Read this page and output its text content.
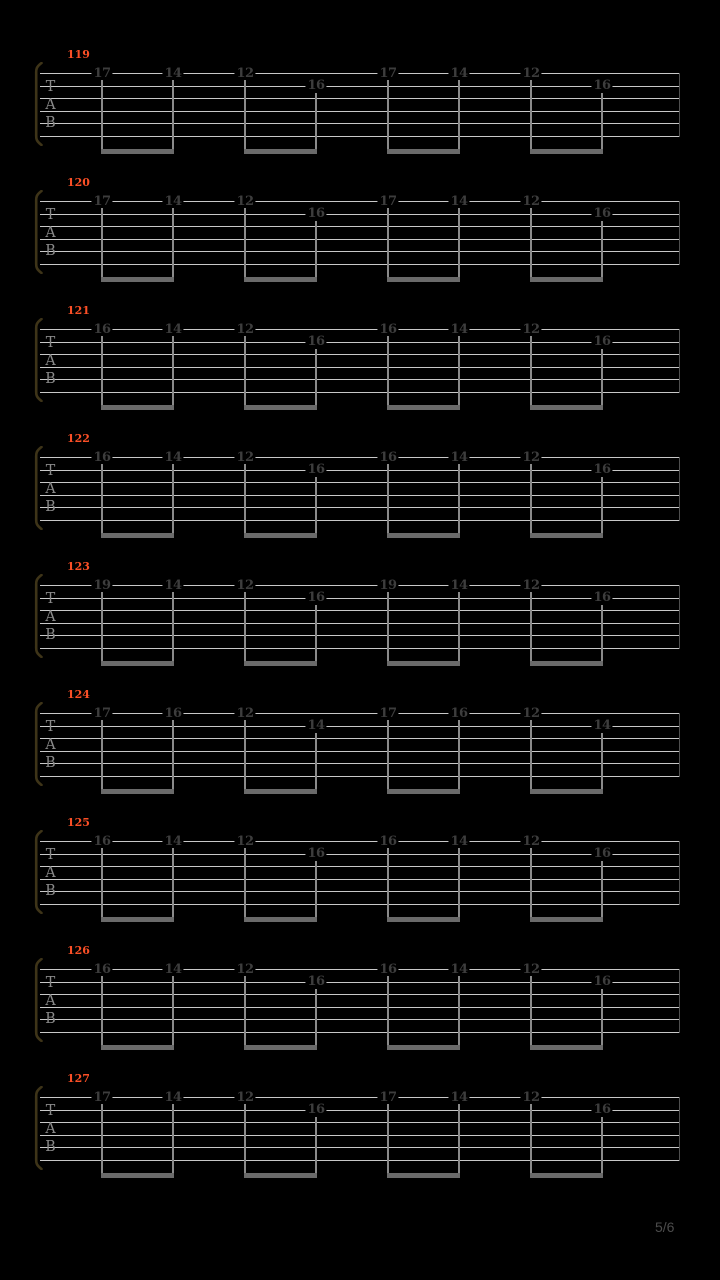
119
T
A
B
17	14	12
16
17	14	12
16
120
T
A
B
17	14	12
16
17	14	12
16
121
T
A
B
16	14	12
16
16	14	12
16
122
T
A
B
16	14	12
16
16	14	12
16
123
T
A
B
19	14	12
16
19	14	12
16
124
T
A
B
17	16	12
14
17	16	12
14
125
T
A
B
16	14	12
16
16	14	12
16
126
T
A
B
16	14	12
16
16	14	12
16
127
T
A
B
17	14	12
16
17	14	12
16
5/6
